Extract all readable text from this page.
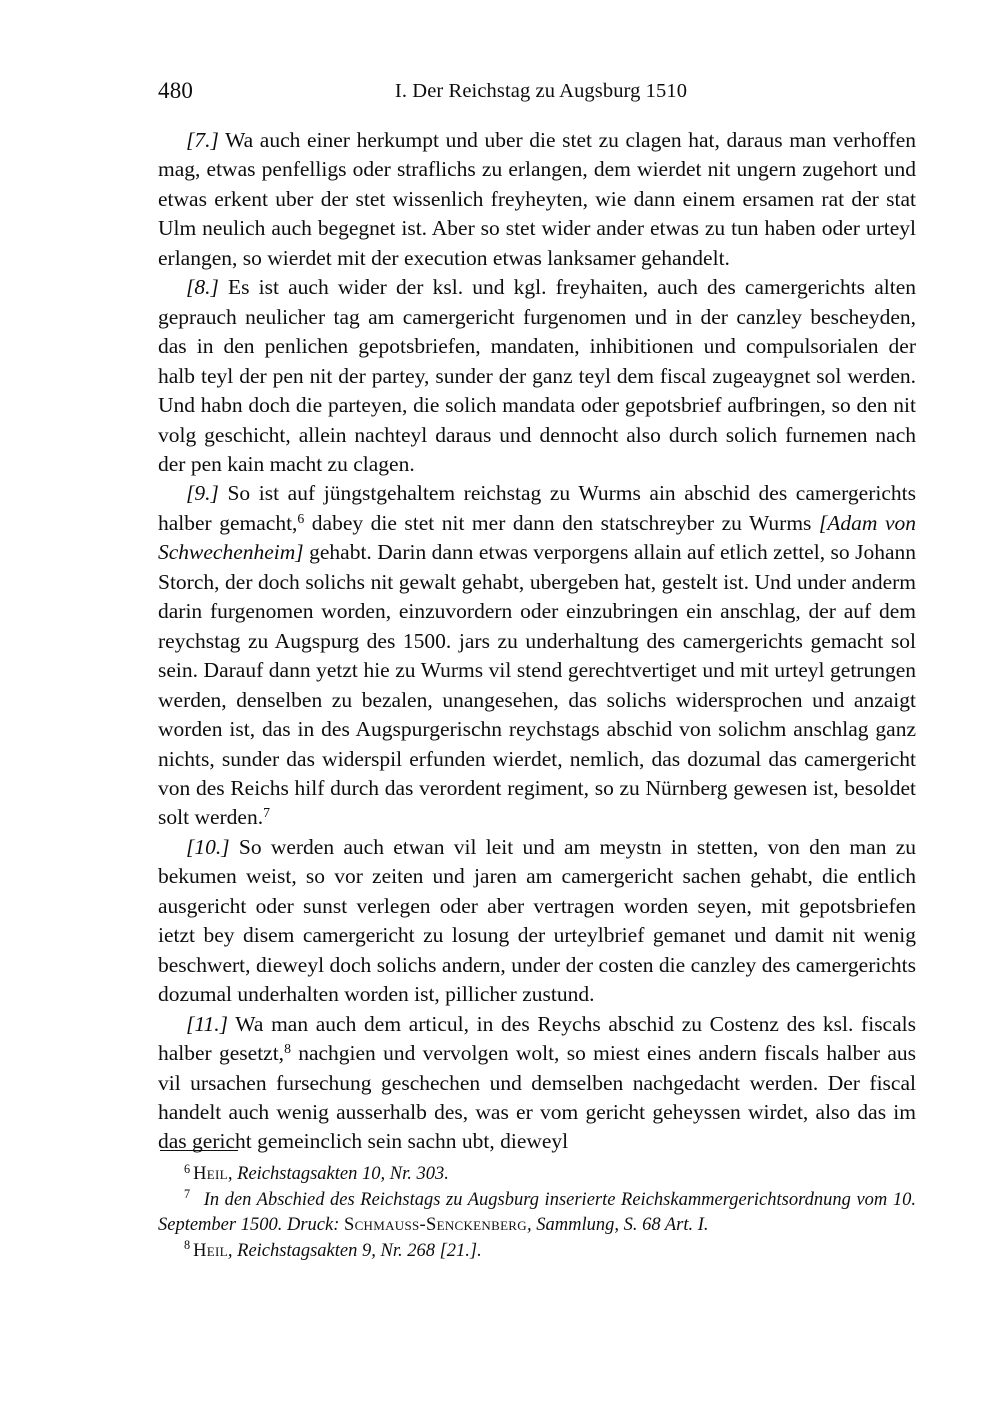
480	I. Der Reichstag zu Augsburg 1510

[7.] Wa auch einer herkumpt und uber die stet zu clagen hat, daraus man verhoffen mag, etwas penfelligs oder straflichs zu erlangen, dem wierdet nit ungern zugehort und etwas erkent uber der stet wissenlich freyheyten, wie dann einem ersamen rat der stat Ulm neulich auch begegnet ist. Aber so stet wider ander etwas zu tun haben oder urteyl erlangen, so wierdet mit der execution etwas lanksamer gehandelt.

[8.] Es ist auch wider der ksl. und kgl. freyhaiten, auch des camergerichts alten geprauch neulicher tag am camergericht furgenomen und in der canzley bescheyden, das in den penlichen gepotsbriefen, mandaten, inhibitionen und compulsorialen der halb teyl der pen nit der partey, sunder der ganz teyl dem fiscal zugeaygnet sol werden. Und habn doch die parteyen, die solich mandata oder gepotsbrief aufbringen, so den nit volg geschicht, allein nachteyl daraus und dennocht also durch solich furnemen nach der pen kain macht zu clagen.

[9.] So ist auf jüngstgehaltem reichstag zu Wurms ain abschid des camergerichts halber gemacht,$^6$ dabey die stet nit mer dann den statschreyber zu Wurms [Adam von Schwechenheim] gehabt. Darin dann etwas verporgens allain auf etlich zettel, so Johann Storch, der doch solichs nit gewalt gehabt, ubergeben hat, gestelt ist. Und under anderm darin furgenomen worden, einzuvordern oder einzubringen ein anschlag, der auf dem reychstag zu Augspurg des 1500. jars zu underhaltung des camergerichts gemacht sol sein. Darauf dann yetzt hie zu Wurms vil stend gerechtvertiget und mit urteyl getrungen werden, denselben zu bezalen, unangesehen, das solichs widersprochen und anzaigt worden ist, das in des Augspurgerischn reychstags abschid von solichm anschlag ganz nichts, sunder das widerspil erfunden wierdet, nemlich, das dozumal das camergericht von des Reichs hilf durch das verordent regiment, so zu Nürnberg gewesen ist, besoldet solt werden.$^7$

[10.] So werden auch etwan vil leit und am meystn in stetten, von den man zu bekumen weist, so vor zeiten und jaren am camergericht sachen gehabt, die entlich ausgericht oder sunst verlegen oder aber vertragen worden seyen, mit gepotsbriefen ietzt bey disem camergericht zu losung der urteylbrief gemanet und damit nit wenig beschwert, dieweyl doch solichs andern, under der costen die canzley des camergerichts dozumal underhalten worden ist, pillicher zustund.

[11.] Wa man auch dem articul, in des Reychs abschid zu Costenz des ksl. fiscals halber gesetzt,$^8$ nachgien und vervolgen wolt, so miest eines andern fiscals halber aus vil ursachen fursechung geschechen und demselben nachgedacht werden. Der fiscal handelt auch wenig ausserhalb des, was er vom gericht geheyssen wirdet, also das im das gericht gemeinclich sein sachn ubt, dieweyl

$^6$ Heil, Reichstagsakten 10, Nr. 303.

$^7$ In den Abschied des Reichstags zu Augsburg inserierte Reichskammergerichtsordnung vom 10. September 1500. Druck: Schmauss-Senckenberg, Sammlung, S. 68 Art. I.

$^8$ Heil, Reichstagsakten 9, Nr. 268 [21.].
